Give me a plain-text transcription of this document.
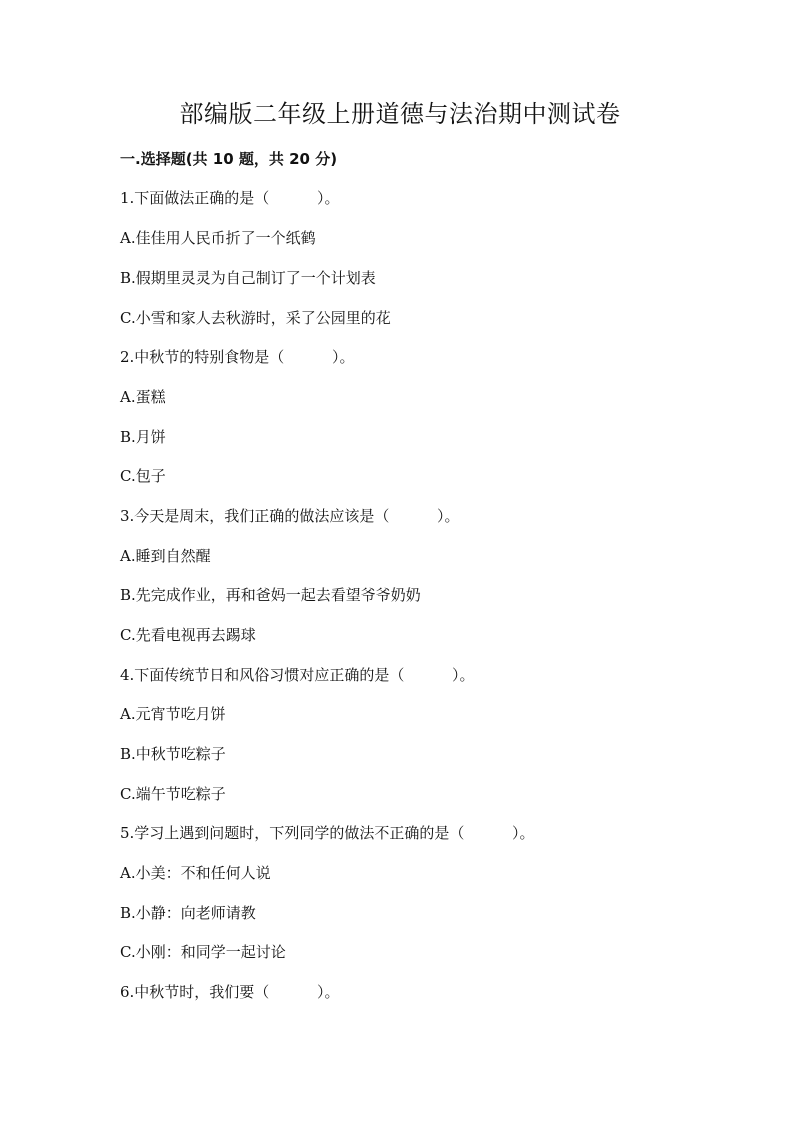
部编版二年级上册道德与法治期中测试卷
一.选择题(共 10 题，共 20 分)
1.下面做法正确的是（          ）。
A.佳佳用人民币折了一个纸鹤
B.假期里灵灵为自己制订了一个计划表
C.小雪和家人去秋游时，采了公园里的花
2.中秋节的特别食物是（          ）。
A.蛋糕
B.月饼
C.包子
3.今天是周末，我们正确的做法应该是（          ）。
A.睡到自然醒
B.先完成作业，再和爸妈一起去看望爷爷奶奶
C.先看电视再去踢球
4.下面传统节日和风俗习惯对应正确的是（          ）。
A.元宵节吃月饼
B.中秋节吃粽子
C.端午节吃粽子
5.学习上遇到问题时，下列同学的做法不正确的是（          ）。
A.小美：不和任何人说
B.小静：向老师请教
C.小刚：和同学一起讨论
6.中秋节时，我们要（          ）。
